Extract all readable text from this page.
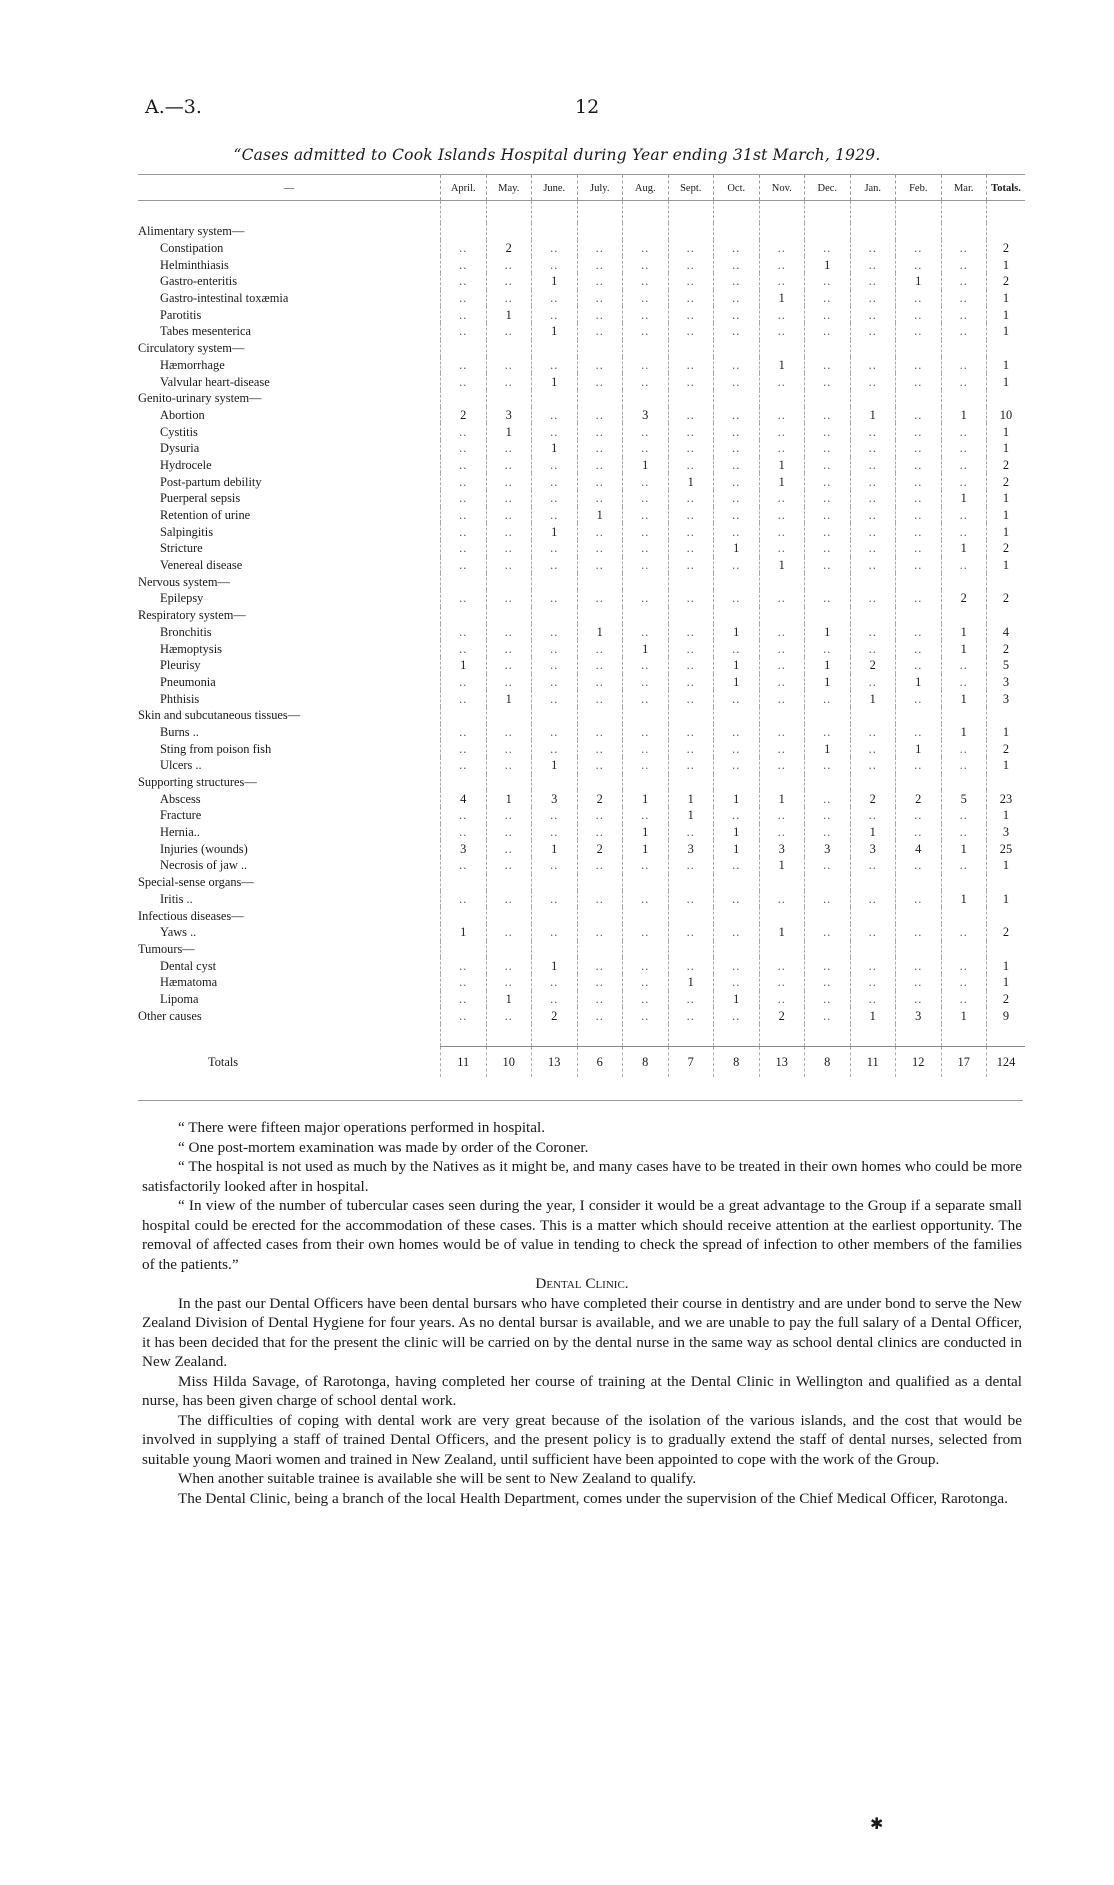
A.—3.	12
“Cases admitted to Cook Islands Hospital during Year ending 31st March, 1929.
—	April.	May.	June.	July.	Aug.	Sept.	Oct.	Nov.	Dec.	Jan.	Feb.	Mar.	Totals.

Alimentary system—													
Constipation	..	2	..	..	..	..	..	..	..	..	..	..	2
Helminthiasis	..	..	..	..	..	..	..	..	1	..	..	..	1
Gastro-enteritis	..	..	1	..	..	..	..	..	..	..	1	..	2
Gastro-intestinal toxæmia	..	..	..	..	..	..	..	1	..	..	..	..	1
Parotitis	..	1	..	..	..	..	..	..	..	..	..	..	1
Tabes mesenterica	..	..	1	..	..	..	..	..	..	..	..	..	1
Circulatory system—													
Hæmorrhage	..	..	..	..	..	..	..	1	..	..	..	..	1
Valvular heart-disease	..	..	1	..	..	..	..	..	..	..	..	..	1
Genito-urinary system—													
Abortion	2	3	..	..	3	..	..	..	..	1	..	1	10
Cystitis	..	1	..	..	..	..	..	..	..	..	..	..	1
Dysuria	..	..	1	..	..	..	..	..	..	..	..	..	1
Hydrocele	..	..	..	..	1	..	..	1	..	..	..	..	2
Post-partum debility	..	..	..	..	..	1	..	1	..	..	..	..	2
Puerperal sepsis	..	..	..	..	..	..	..	..	..	..	..	1	1
Retention of urine	..	..	..	1	..	..	..	..	..	..	..	..	1
Salpingitis	..	..	1	..	..	..	..	..	..	..	..	..	1
Stricture	..	..	..	..	..	..	1	..	..	..	..	1	2
Venereal disease	..	..	..	..	..	..	..	1	..	..	..	..	1
Nervous system—													
Epilepsy	..	..	..	..	..	..	..	..	..	..	..	2	2
Respiratory system—													
Bronchitis	..	..	..	1	..	..	1	..	1	..	..	1	4
Hæmoptysis	..	..	..	..	1	..	..	..	..	..	..	1	2
Pleurisy	1	..	..	..	..	..	1	..	1	2	..	..	5
Pneumonia	..	..	..	..	..	..	1	..	1	..	1	..	3
Phthisis	..	1	..	..	..	..	..	..	..	1	..	1	3
Skin and subcutaneous tissues—													
Burns ..	..	..	..	..	..	..	..	..	..	..	..	1	1
Sting from poison fish	..	..	..	..	..	..	..	..	1	..	1	..	2
Ulcers ..	..	..	1	..	..	..	..	..	..	..	..	..	1
Supporting structures—													
Abscess	4	1	3	2	1	1	1	1	..	2	2	5	23
Fracture	..	..	..	..	..	1	..	..	..	..	..	..	1
Hernia..	..	..	..	..	1	..	1	..	..	1	..	..	3
Injuries (wounds)	3	..	1	2	1	3	1	3	3	3	4	1	25
Necrosis of jaw ..	..	..	..	..	..	..	..	1	..	..	..	..	1
Special-sense organs—													
Iritis ..	..	..	..	..	..	..	..	..	..	..	..	1	1
Infectious diseases—													
Yaws ..	1	..	..	..	..	..	..	1	..	..	..	..	2
Tumours—													
Dental cyst	..	..	1	..	..	..	..	..	..	..	..	..	1
Hæmatoma	..	..	..	..	..	1	..	..	..	..	..	..	1
Lipoma	..	1	..	..	..	..	1	..	..	..	..	..	2
Other causes	..	..	2	..	..	..	..	2	..	1	3	1	9

Totals	11	10	13	6	8	7	8	13	8	11	12	17	124

“ There were fifteen major operations performed in hospital.

“ One post-mortem examination was made by order of the Coroner.

“ The hospital is not used as much by the Natives as it might be, and many cases have to be treated in their own homes who could be more satisfactorily looked after in hospital.

“ In view of the number of tubercular cases seen during the year, I consider it would be a great advantage to the Group if a separate small hospital could be erected for the accommodation of these cases. This is a matter which should receive attention at the earliest opportunity. The removal of affected cases from their own homes would be of value in tending to check the spread of infection to other members of the families of the patients.”

Dental Clinic.

In the past our Dental Officers have been dental bursars who have completed their course in dentistry and are under bond to serve the New Zealand Division of Dental Hygiene for four years. As no dental bursar is available, and we are unable to pay the full salary of a Dental Officer, it has been decided that for the present the clinic will be carried on by the dental nurse in the same way as school dental clinics are conducted in New Zealand.

Miss Hilda Savage, of Rarotonga, having completed her course of training at the Dental Clinic in Wellington and qualified as a dental nurse, has been given charge of school dental work.

The difficulties of coping with dental work are very great because of the isolation of the various islands, and the cost that would be involved in supplying a staff of trained Dental Officers, and the present policy is to gradually extend the staff of dental nurses, selected from suitable young Maori women and trained in New Zealand, until sufficient have been appointed to cope with the work of the Group.

When another suitable trainee is available she will be sent to New Zealand to qualify.

The Dental Clinic, being a branch of the local Health Department, comes under the supervision of the Chief Medical Officer, Rarotonga.

✱
